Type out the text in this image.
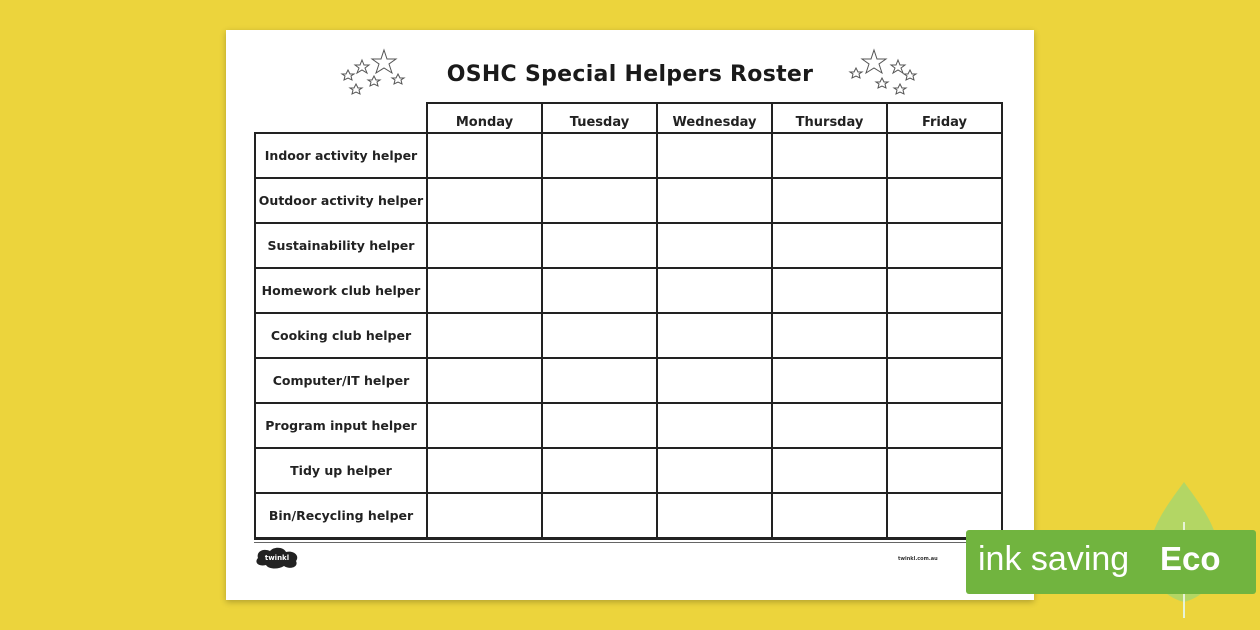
OSHC Special Helpers Roster
	Monday	Tuesday	Wednesday	Thursday	Friday
Indoor activity helper					
Outdoor activity helper					
Sustainability helper					
Homework club helper					
Cooking club helper					
Computer/IT helper					
Program input helper					
Tidy up helper					
Bin/Recycling helper					
twinkl	twinkl.com.au ink saving Eco
